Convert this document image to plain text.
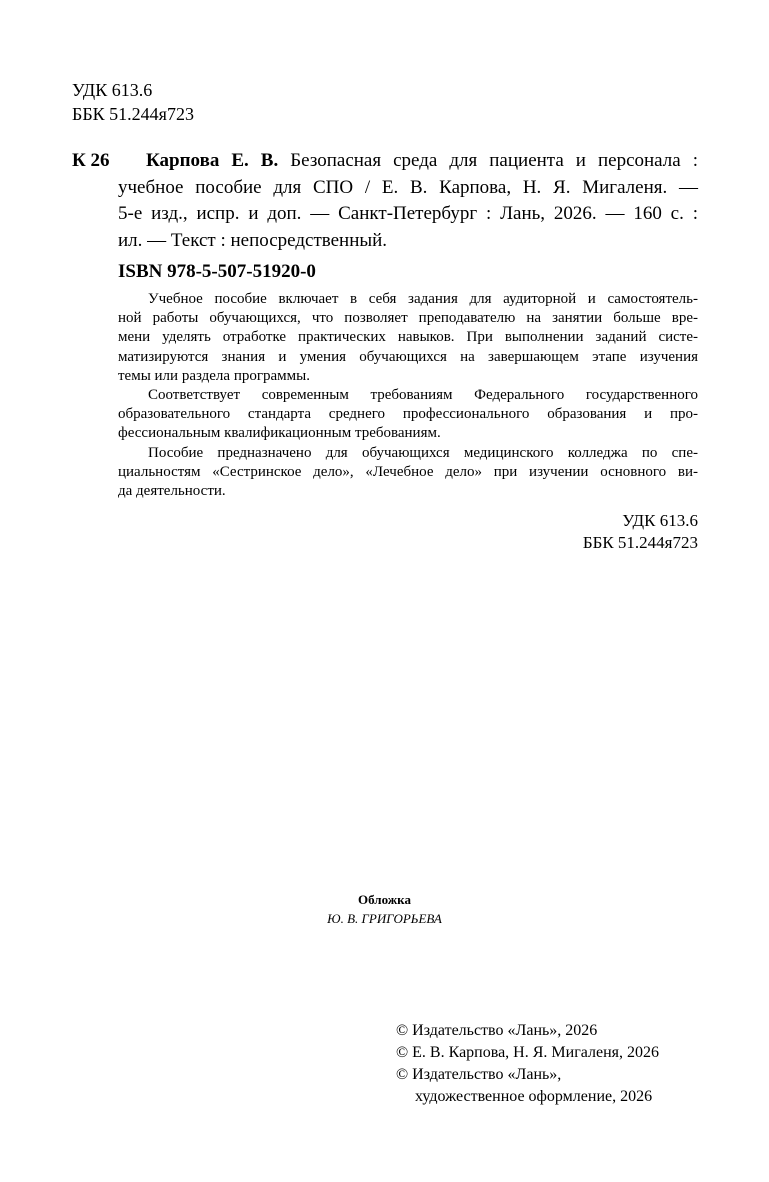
УДК 613.6
ББК 51.244я723
К 26	Карпова Е. В. Безопасная среда для пациента и персонала :
учебное пособие для СПО / Е. В. Карпова, Н. Я. Мигаленя. —
5-е изд., испр. и доп. — Санкт-Петербург : Лань, 2026. — 160 с. :
ил. — Текст : непосредственный.
ISBN 978-5-507-51920-0

Учебное пособие включает в себя задания для аудиторной и самостоятель-
ной работы обучающихся, что позволяет преподавателю на занятии больше вре-
мени уделять отработке практических навыков. При выполнении заданий систе-
матизируются знания и умения обучающихся на завершающем этапе изучения
темы или раздела программы.

Соответствует современным требованиям Федерального государственного
образовательного стандарта среднего профессионального образования и про-
фессиональным квалификационным требованиям.

Пособие предназначено для обучающихся медицинского колледжа по спе-
циальностям «Сестринское дело», «Лечебное дело» при изучении основного ви-
да деятельности.

УДК 613.6
ББК 51.244я723
Обложка
Ю. В. ГРИГОРЬЕВА
© Издательство «Лань», 2026
© Е. В. Карпова, Н. Я. Мигаленя, 2026
© Издательство «Лань»,
художественное оформление, 2026
